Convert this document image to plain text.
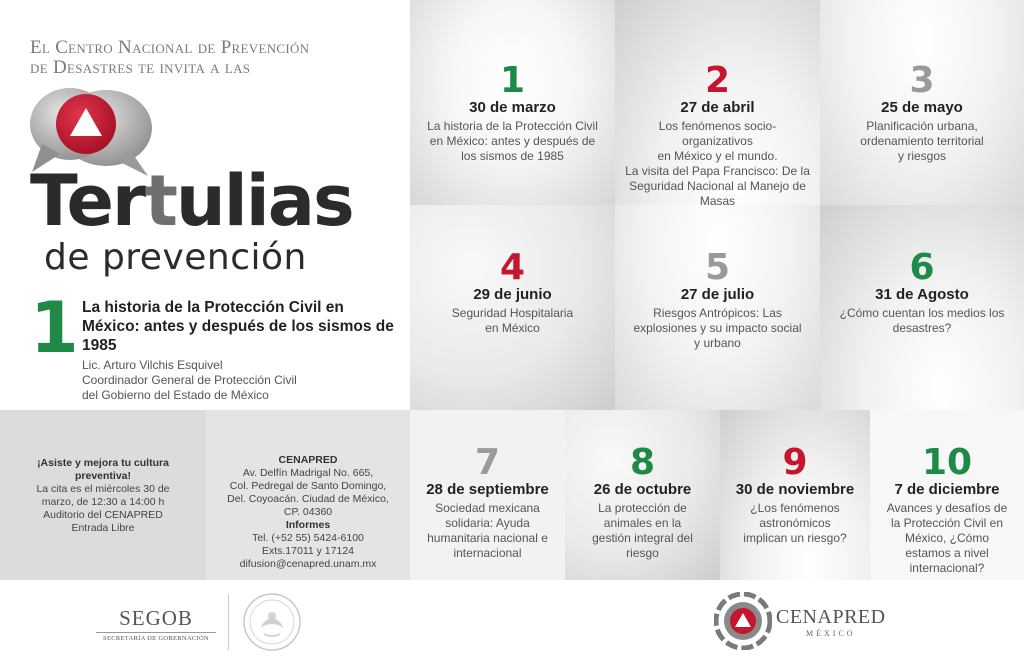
El Centro Nacional de Prevención
de Desastres te invita a las
Tertulias
de prevención
1 La historia de la Protección Civil en México: antes y después de los sismos de 1985
Lic. Arturo Vilchis Esquivel
Coordinador General de Protección Civil
del Gobierno del Estado de México
1
30 de marzo
La historia de la Protección Civil
en México: antes y después de
los sismos de 1985
2
27 de abril
Los fenómenos socio-organizativos
en México y el mundo.
La visita del Papa Francisco: De la
Seguridad Nacional al Manejo de
Masas
3
25 de mayo
Planificación urbana,
ordenamiento territorial
y riesgos
4
29 de junio
Seguridad Hospitalaria
en México
5
27 de julio
Riesgos Antrópicos: Las
explosiones y su impacto social
y urbano
6
31 de Agosto
¿Cómo cuentan los medios los
desastres?
¡Asiste y mejora tu cultura
preventiva!
La cita es el miércoles 30 de
marzo, de 12:30 a 14:00 h
Auditorio del CENAPRED
Entrada Libre
CENAPRED
Av. Delfín Madrigal No. 665,
Col. Pedregal de Santo Domingo,
Del. Coyoacán. Ciudad de México,
CP. 04360
Informes
Tel. (+52 55) 5424-6100
Exts.17011 y 17124
difusion@cenapred.unam.mx
7
28 de septiembre
Sociedad mexicana
solidaria: Ayuda
humanitaria nacional e
internacional
8
26 de octubre
La protección de
animales en la
gestión integral del
riesgo
9
30 de noviembre
¿Los fenómenos
astronómicos
implican un riesgo?
10
7 de diciembre
Avances y desafíos de
la Protección Civil en
México, ¿Cómo
estamos a nivel
internacional?
SEGOB
SECRETARÍA DE GOBERNACIÓN
CENAPRED
MÉXICO
